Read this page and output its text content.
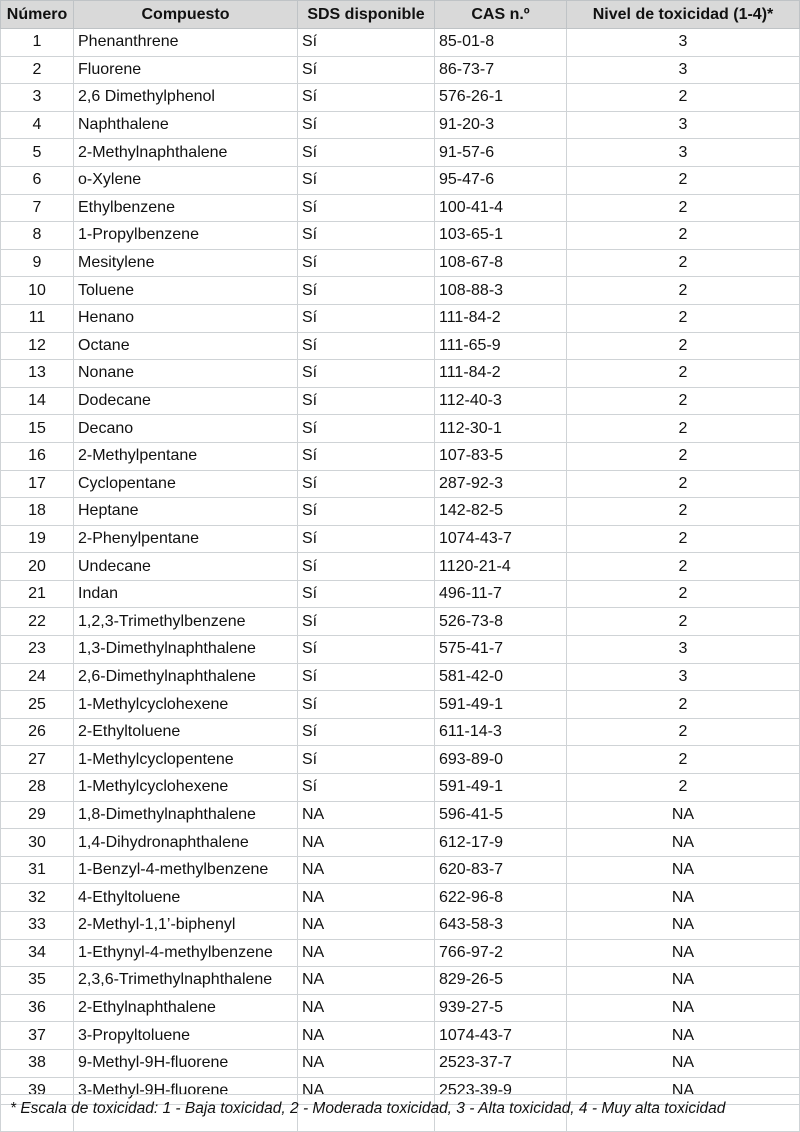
Número	Compuesto	SDS disponible	CAS n.º	Nivel de toxicidad (1-4)*
1	Phenanthrene	Sí	85-01-8	3
2	Fluorene	Sí	86-73-7	3
3	2,6 Dimethylphenol	Sí	576-26-1	2
4	Naphthalene	Sí	91-20-3	3
5	2-Methylnaphthalene	Sí	91-57-6	3
6	o-Xylene	Sí	95-47-6	2
7	Ethylbenzene	Sí	100-41-4	2
8	1-Propylbenzene	Sí	103-65-1	2
9	Mesitylene	Sí	108-67-8	2
10	Toluene	Sí	108-88-3	2
11	Henano	Sí	111-84-2	2
12	Octane	Sí	111-65-9	2
13	Nonane	Sí	111-84-2	2
14	Dodecane	Sí	112-40-3	2
15	Decano	Sí	112-30-1	2
16	2-Methylpentane	Sí	107-83-5	2
17	Cyclopentane	Sí	287-92-3	2
18	Heptane	Sí	142-82-5	2
19	2-Phenylpentane	Sí	1074-43-7	2
20	Undecane	Sí	1120-21-4	2
21	Indan	Sí	496-11-7	2
22	1,2,3-Trimethylbenzene	Sí	526-73-8	2
23	1,3-Dimethylnaphthalene	Sí	575-41-7	3
24	2,6-Dimethylnaphthalene	Sí	581-42-0	3
25	1-Methylcyclohexene	Sí	591-49-1	2
26	2-Ethyltoluene	Sí	611-14-3	2
27	1-Methylcyclopentene	Sí	693-89-0	2
28	1-Methylcyclohexene	Sí	591-49-1	2
29	1,8-Dimethylnaphthalene	NA	596-41-5	NA
30	1,4-Dihydronaphthalene	NA	612-17-9	NA
31	1-Benzyl-4-methylbenzene	NA	620-83-7	NA
32	4-Ethyltoluene	NA	622-96-8	NA
33	2-Methyl-1,1’-biphenyl	NA	643-58-3	NA
34	1-Ethynyl-4-methylbenzene	NA	766-97-2	NA
35	2,3,6-Trimethylnaphthalene	NA	829-26-5	NA
36	2-Ethylnaphthalene	NA	939-27-5	NA
37	3-Propyltoluene	NA	1074-43-7	NA
38	9-Methyl-9H-fluorene	NA	2523-37-7	NA
39	3-Methyl-9H-fluorene	NA	2523-39-9	NA

* Escala de toxicidad: 1 - Baja toxicidad, 2 - Moderada toxicidad, 3 - Alta toxicidad, 4 - Muy alta toxicidad
